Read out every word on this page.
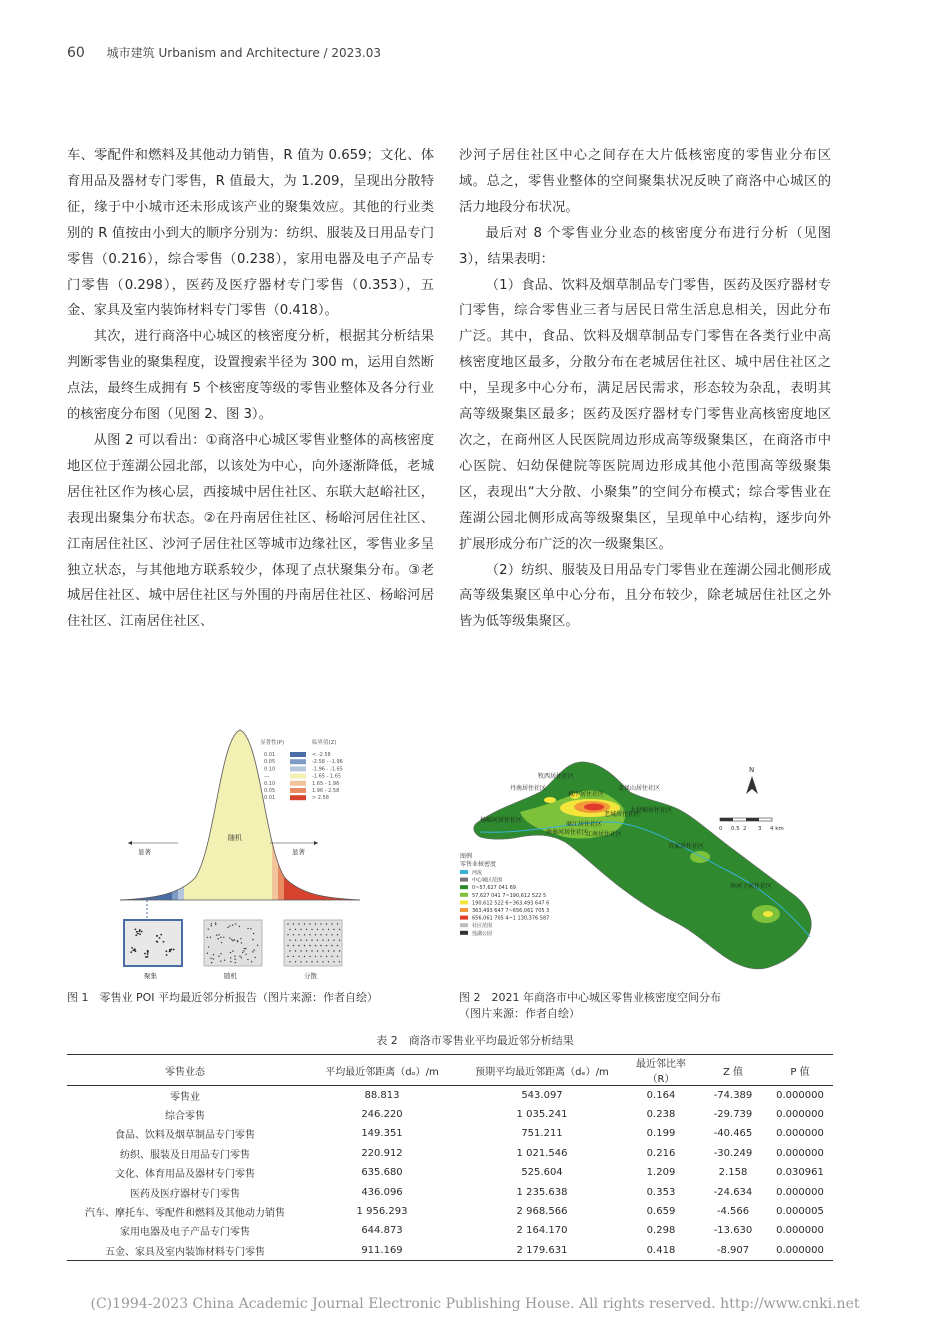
60 城市建筑 Urbanism and Architecture / 2023.03

车、零配件和燃料及其他动力销售，R 值为 0.659；文化、体育用品及器材专门零售，R 值最大，为 1.209，呈现出分散特征，缘于中小城市还未形成该产业的聚集效应。其他的行业类别的 R 值按由小到大的顺序分别为：纺织、服装及日用品专门零售（0.216），综合零售（0.238），家用电器及电子产品专门零售（0.298），医药及医疗器材专门零售（0.353），五金、家具及室内装饰材料专门零售（0.418）。

其次，进行商洛中心城区的核密度分析，根据其分析结果判断零售业的聚集程度，设置搜索半径为 300 m，运用自然断点法，最终生成拥有 5 个核密度等级的零售业整体及各分行业的核密度分布图（见图 2、图 3）。

从图 2 可以看出：①商洛中心城区零售业整体的高核密度地区位于莲湖公园北部，以该处为中心，向外逐渐降低，老城居住社区作为核心层，西接城中居住社区、东联大赵峪社区，表现出聚集分布状态。②在丹南居住社区、杨峪河居住社区、江南居住社区、沙河子居住社区等城市边缘社区，零售业多呈独立状态，与其他地方联系较少，体现了点状聚集分布。③老城居住社区、城中居住社区与外围的丹南居住社区、杨峪河居住社区、江南居住社区、

沙河子居住社区中心之间存在大片低核密度的零售业分布区域。总之，零售业整体的空间聚集状况反映了商洛中心城区的活力地段分布状况。

最后对 8 个零售业分业态的核密度分布进行分析（见图 3），结果表明：

（1）食品、饮料及烟草制品专门零售，医药及医疗器材专门零售，综合零售业三者与居民日常生活息息相关，因此分布广泛。其中，食品、饮料及烟草制品专门零售在各类行业中高核密度地区最多，分散分布在老城居住社区、城中居住社区之中，呈现多中心分布，满足居民需求，形态较为杂乱，表明其高等级聚集区最多；医药及医疗器材专门零售业高核密度地区次之，在商州区人民医院周边形成高等级聚集区，在商洛市中心医院、妇幼保健院等医院周边形成其他小范围高等级聚集区，表现出“大分散、小聚集”的空间分布模式；综合零售业在莲湖公园北侧形成高等级聚集区，呈现单中心结构，逐步向外扩展形成分布广泛的次一级聚集区。

（2）纺织、服装及日用品专门零售业在莲湖公园北侧形成高等级集聚区单中心分布，且分布较少，除老城居住社区之外皆为低等级集聚区。

随机
显著	显著
显著性(P)	临界值(Z)
0.01	< -2.58
0.05	-2.58 - -1.96
0.10	-1.96 - -1.65
---	-1.65 - 1.65
0.10	1.65 - 1.96
0.05	1.96 - 2.58
0.01	> 2.58
聚集	随机	分散
图 1　零售业 POI 平均最近邻分析报告（图片来源：作者自绘）
牧西居住社区
丹南居住社区
城中居住社区
金凤山居住社区
老城居住社区
大赵峪居住社区
杨峪河居住社区
商江居住社区
南秦河居住社区
江南居住社区
青家居住社区
沙河子居住社区
N
0 0.5 2 3 4 km
图例
零售业核密度
河流
中心城区范围
0~57,627 041 69
57,627 041 7~190,612 522 5
190,612 522 6~363,493 647 6
363,493 647 7~656,061 705 3
656,061 705 4~1 130,376 587
社区范围
莲湖公园
图 2　2021 年商洛市中心城区零售业核密度空间分布
（图片来源：作者自绘）
表 2　商洛市零售业平均最近邻分析结果
零售业态	平均最近邻距离（dₒ）/m	预期平均最近邻距离（dₑ）/m	最近邻比率（R）	Z 值	P 值
零售业	88.813	543.097	0.164	-74.389	0.000000
综合零售	246.220	1 035.241	0.238	-29.739	0.000000
食品、饮料及烟草制品专门零售	149.351	751.211	0.199	-40.465	0.000000
纺织、服装及日用品专门零售	220.912	1 021.546	0.216	-30.249	0.000000
文化、体育用品及器材专门零售	635.680	525.604	1.209	2.158	0.030961
医药及医疗器材专门零售	436.096	1 235.638	0.353	-24.634	0.000000
汽车、摩托车、零配件和燃料及其他动力销售	1 956.293	2 968.566	0.659	-4.566	0.000005
家用电器及电子产品专门零售	644.873	2 164.170	0.298	-13.630	0.000000
五金、家具及室内装饰材料专门零售	911.169	2 179.631	0.418	-8.907	0.000000
(C)1994-2023 China Academic Journal Electronic Publishing House. All rights reserved. http://www.cnki.net
